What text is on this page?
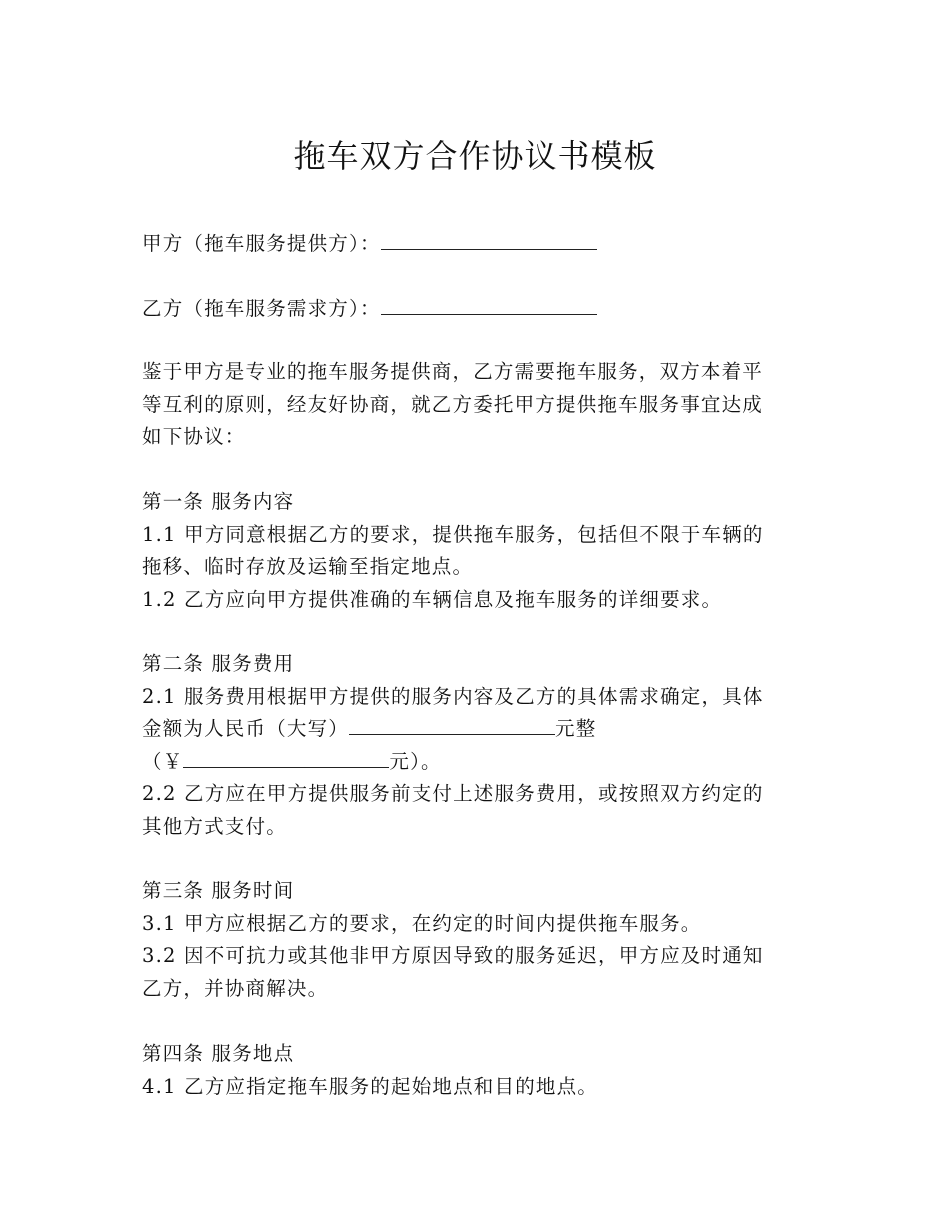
拖车双方合作协议书模板
甲方（拖车服务提供方）：
乙方（拖车服务需求方）：
鉴于甲方是专业的拖车服务提供商，乙方需要拖车服务，双方本着平
等互利的原则，经友好协商，就乙方委托甲方提供拖车服务事宜达成
如下协议：
第一条 服务内容
1.1 甲方同意根据乙方的要求，提供拖车服务，包括但不限于车辆的
拖移、临时存放及运输至指定地点。
1.2 乙方应向甲方提供准确的车辆信息及拖车服务的详细要求。
第二条 服务费用
2.1 服务费用根据甲方提供的服务内容及乙方的具体需求确定，具体
金额为人民币（大写）	元整
（￥	元）。
2.2 乙方应在甲方提供服务前支付上述服务费用，或按照双方约定的
其他方式支付。
第三条 服务时间
3.1 甲方应根据乙方的要求，在约定的时间内提供拖车服务。
3.2 因不可抗力或其他非甲方原因导致的服务延迟，甲方应及时通知
乙方，并协商解决。
第四条 服务地点
4.1 乙方应指定拖车服务的起始地点和目的地点。
